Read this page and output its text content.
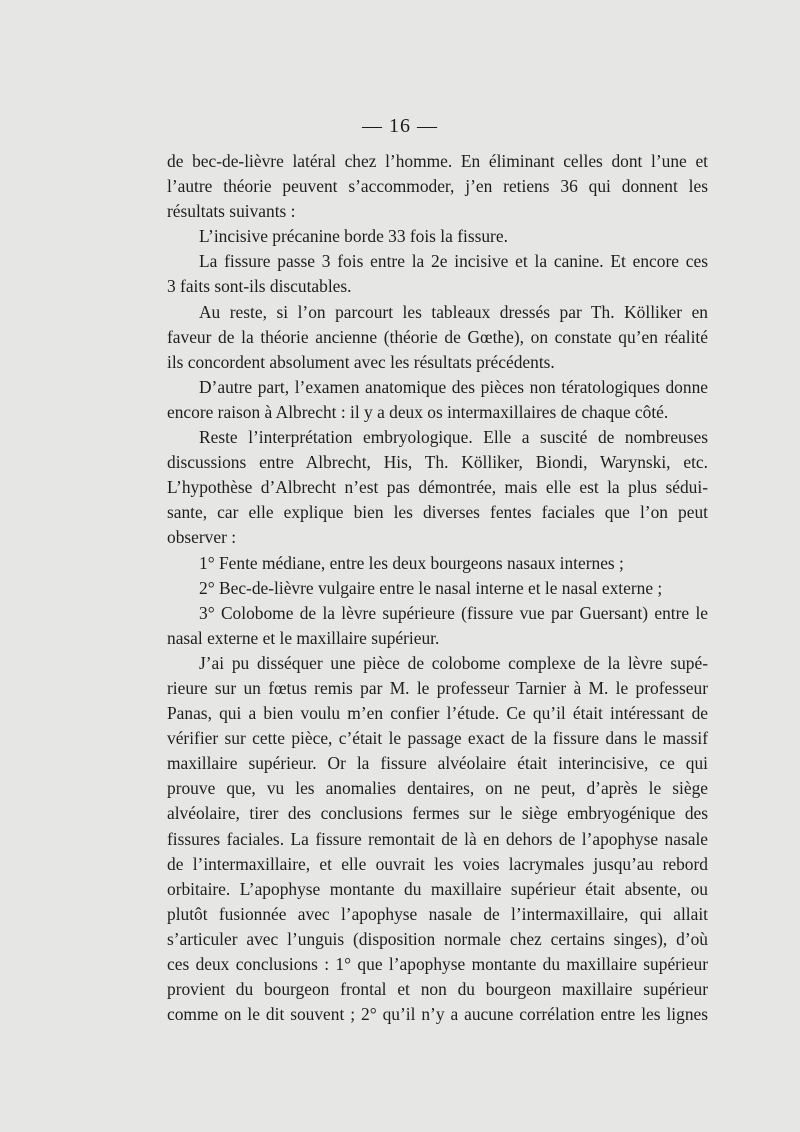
— 16 —
de bec-de-lièvre latéral chez l’homme. En éliminant celles dont l’une et
l’autre théorie peuvent s’accommoder, j’en retiens 36 qui donnent les
résultats suivants :
L’incisive précanine borde 33 fois la fissure.
La fissure passe 3 fois entre la 2e incisive et la canine. Et encore ces
3 faits sont-ils discutables.
Au reste, si l’on parcourt les tableaux dressés par Th. Kölliker en
faveur de la théorie ancienne (théorie de Gœthe), on constate qu’en réalité
ils concordent absolument avec les résultats précédents.
D’autre part, l’examen anatomique des pièces non tératologiques donne
encore raison à Albrecht : il y a deux os intermaxillaires de chaque côté.
Reste l’interprétation embryologique. Elle a suscité de nombreuses
discussions entre Albrecht, His, Th. Kölliker, Biondi, Warynski, etc.
L’hypothèse d’Albrecht n’est pas démontrée, mais elle est la plus sédui-
sante, car elle explique bien les diverses fentes faciales que l’on peut
observer :
1° Fente médiane, entre les deux bourgeons nasaux internes ;
2° Bec-de-lièvre vulgaire entre le nasal interne et le nasal externe ;
3° Colobome de la lèvre supérieure (fissure vue par Guersant) entre le
nasal externe et le maxillaire supérieur.
J’ai pu disséquer une pièce de colobome complexe de la lèvre supé-
rieure sur un fœtus remis par M. le professeur Tarnier à M. le professeur
Panas, qui a bien voulu m’en confier l’étude. Ce qu’il était intéressant de
vérifier sur cette pièce, c’était le passage exact de la fissure dans le massif
maxillaire supérieur. Or la fissure alvéolaire était interincisive, ce qui
prouve que, vu les anomalies dentaires, on ne peut, d’après le siège
alvéolaire, tirer des conclusions fermes sur le siège embryogénique des
fissures faciales. La fissure remontait de là en dehors de l’apophyse nasale
de l’intermaxillaire, et elle ouvrait les voies lacrymales jusqu’au rebord
orbitaire. L’apophyse montante du maxillaire supérieur était absente, ou
plutôt fusionnée avec l’apophyse nasale de l’intermaxillaire, qui allait
s’articuler avec l’unguis (disposition normale chez certains singes), d’où
ces deux conclusions : 1° que l’apophyse montante du maxillaire supérieur
provient du bourgeon frontal et non du bourgeon maxillaire supérieur
comme on le dit souvent ; 2° qu’il n’y a aucune corrélation entre les lignes
